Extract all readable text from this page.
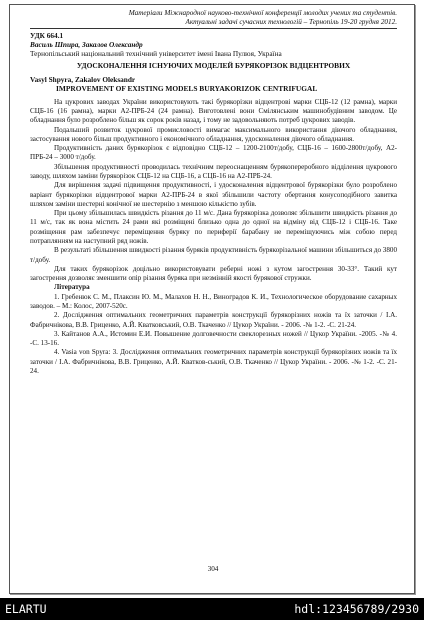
Матеріали Міжнародної науково-технічної конференції молодих учених та студентів.
Актуальні задачі сучасних технологій – Тернопіль 19-20 грудня 2012.
УДК 664.1
Василь Шпира, Закалов Олександр
Тернопільський національний технічний університет імені Івана Пулюя, Україна
УДОСКОНАЛЕННЯ ІСНУЮЧИХ МОДЕЛЕЙ БУРЯКОРІЗОК ВІДЦЕНТРОВИХ
Vasyl Shpyra, Zakalov Oleksandr
IMPROVEMENT OF EXISTING MODELS BURYAKORIZOK CENTRIFUGAL

На цукрових заводах України використовують такі бурякорізки відцентрові марки СЦБ-12 (12 рамна), марки СЦБ-16 (16 рамна), марки А2-ПРБ-24 (24 рамна). Виготовлені вони Смілянським машинобудівним заводом. Це обладнання було розроблено більш як сорок років назад, і тому не задовольняють потреб цукрових заводів.

Подальший розвиток цукрової промисловості вимагає максимального використання діючого обладнання, застосування нового більш продуктивного і економічного обладнання, удосконалення діючого обладнання.

Продуктивність даних бурякорізок є відповідно СЦБ-12 – 1200-2100т/добу, СЦБ-16 – 1600-2800т/добу, А2-ПРБ-24 – 3000 т/добу.

Збільшення продуктивності проводилась технічним переоснащенням бурякопереробного відділення цукрового заводу, шляхом заміни бурякорізок СЦБ-12 на СЦБ-16, а СЦБ-16 на А2-ПРБ-24.

Для вирішення задачі підвищення продуктивності, і удосконалення відцентрової бурякорізки було розроблено варіант бурякорізки відцентрової марки А2-ПРБ-24 в якої збільшили частоту обертання конусоподібного завитка шляхом заміни шестерні конічної не шестернію з меншою кількістю зубів.

При цьому збільшилась швидкість різання до 11 м/с. Дана бурякорізка дозволяє збільшити швидкість різання до 11 м/с, так як вона містить 24 рами які розміщені близько одна до одної на відміну від СЦБ-12 і СЦБ-16. Таке розміщення рам забезпечує переміщення буряку по периферії барабану не переміщуючись між собою перед потраплянням на наступний ряд ножів.

В результаті збільшення швидкості різання буряків продуктивність бурякорізальної машини збільшиться до 3800 т/добу.

Для таких бурякорізок доцільно використовувати реберні ножі з кутом загострення 30-33°. Такий кут загострення дозволяє зменшити опір різання буряка при незмінній якості бурякової стружки.

Література

1. Гребенюк С. М., Плаксин Ю. М., Малахов Н. Н., Виноградов К. И., Технологическое оборудование сахарных заводов. – М.: Колос, 2007-520с.

2. Дослідження оптимальних геометричних параметрів конструкції бурякорізних ножів та їх заточки / І.А. Фабричнікова, В.В. Гриценко, А.Й. Кватковський, О.В. Ткаченко // Цукор України. - 2006. -№ 1-2. -С. 21-24.

3. Кайтанов А.А., Истомин Е.И. Повышение долговечности свеклорезных ножей // Цукор України. -2005. -№ 4. -С. 13-16.

4. Vasia von Spyra: 3. Дослідження оптимальних геометричних параметрів конструкції бурякорізних ножів та їх заточки / І.А. Фабричнікова, В.В. Гриценко, А.Й. Кватков-ський, О.В. Ткаченко // Цукор України. - 2006. -№ 1-2. -С. 21-24.

304
ELARTU	hdl:123456789/2930
